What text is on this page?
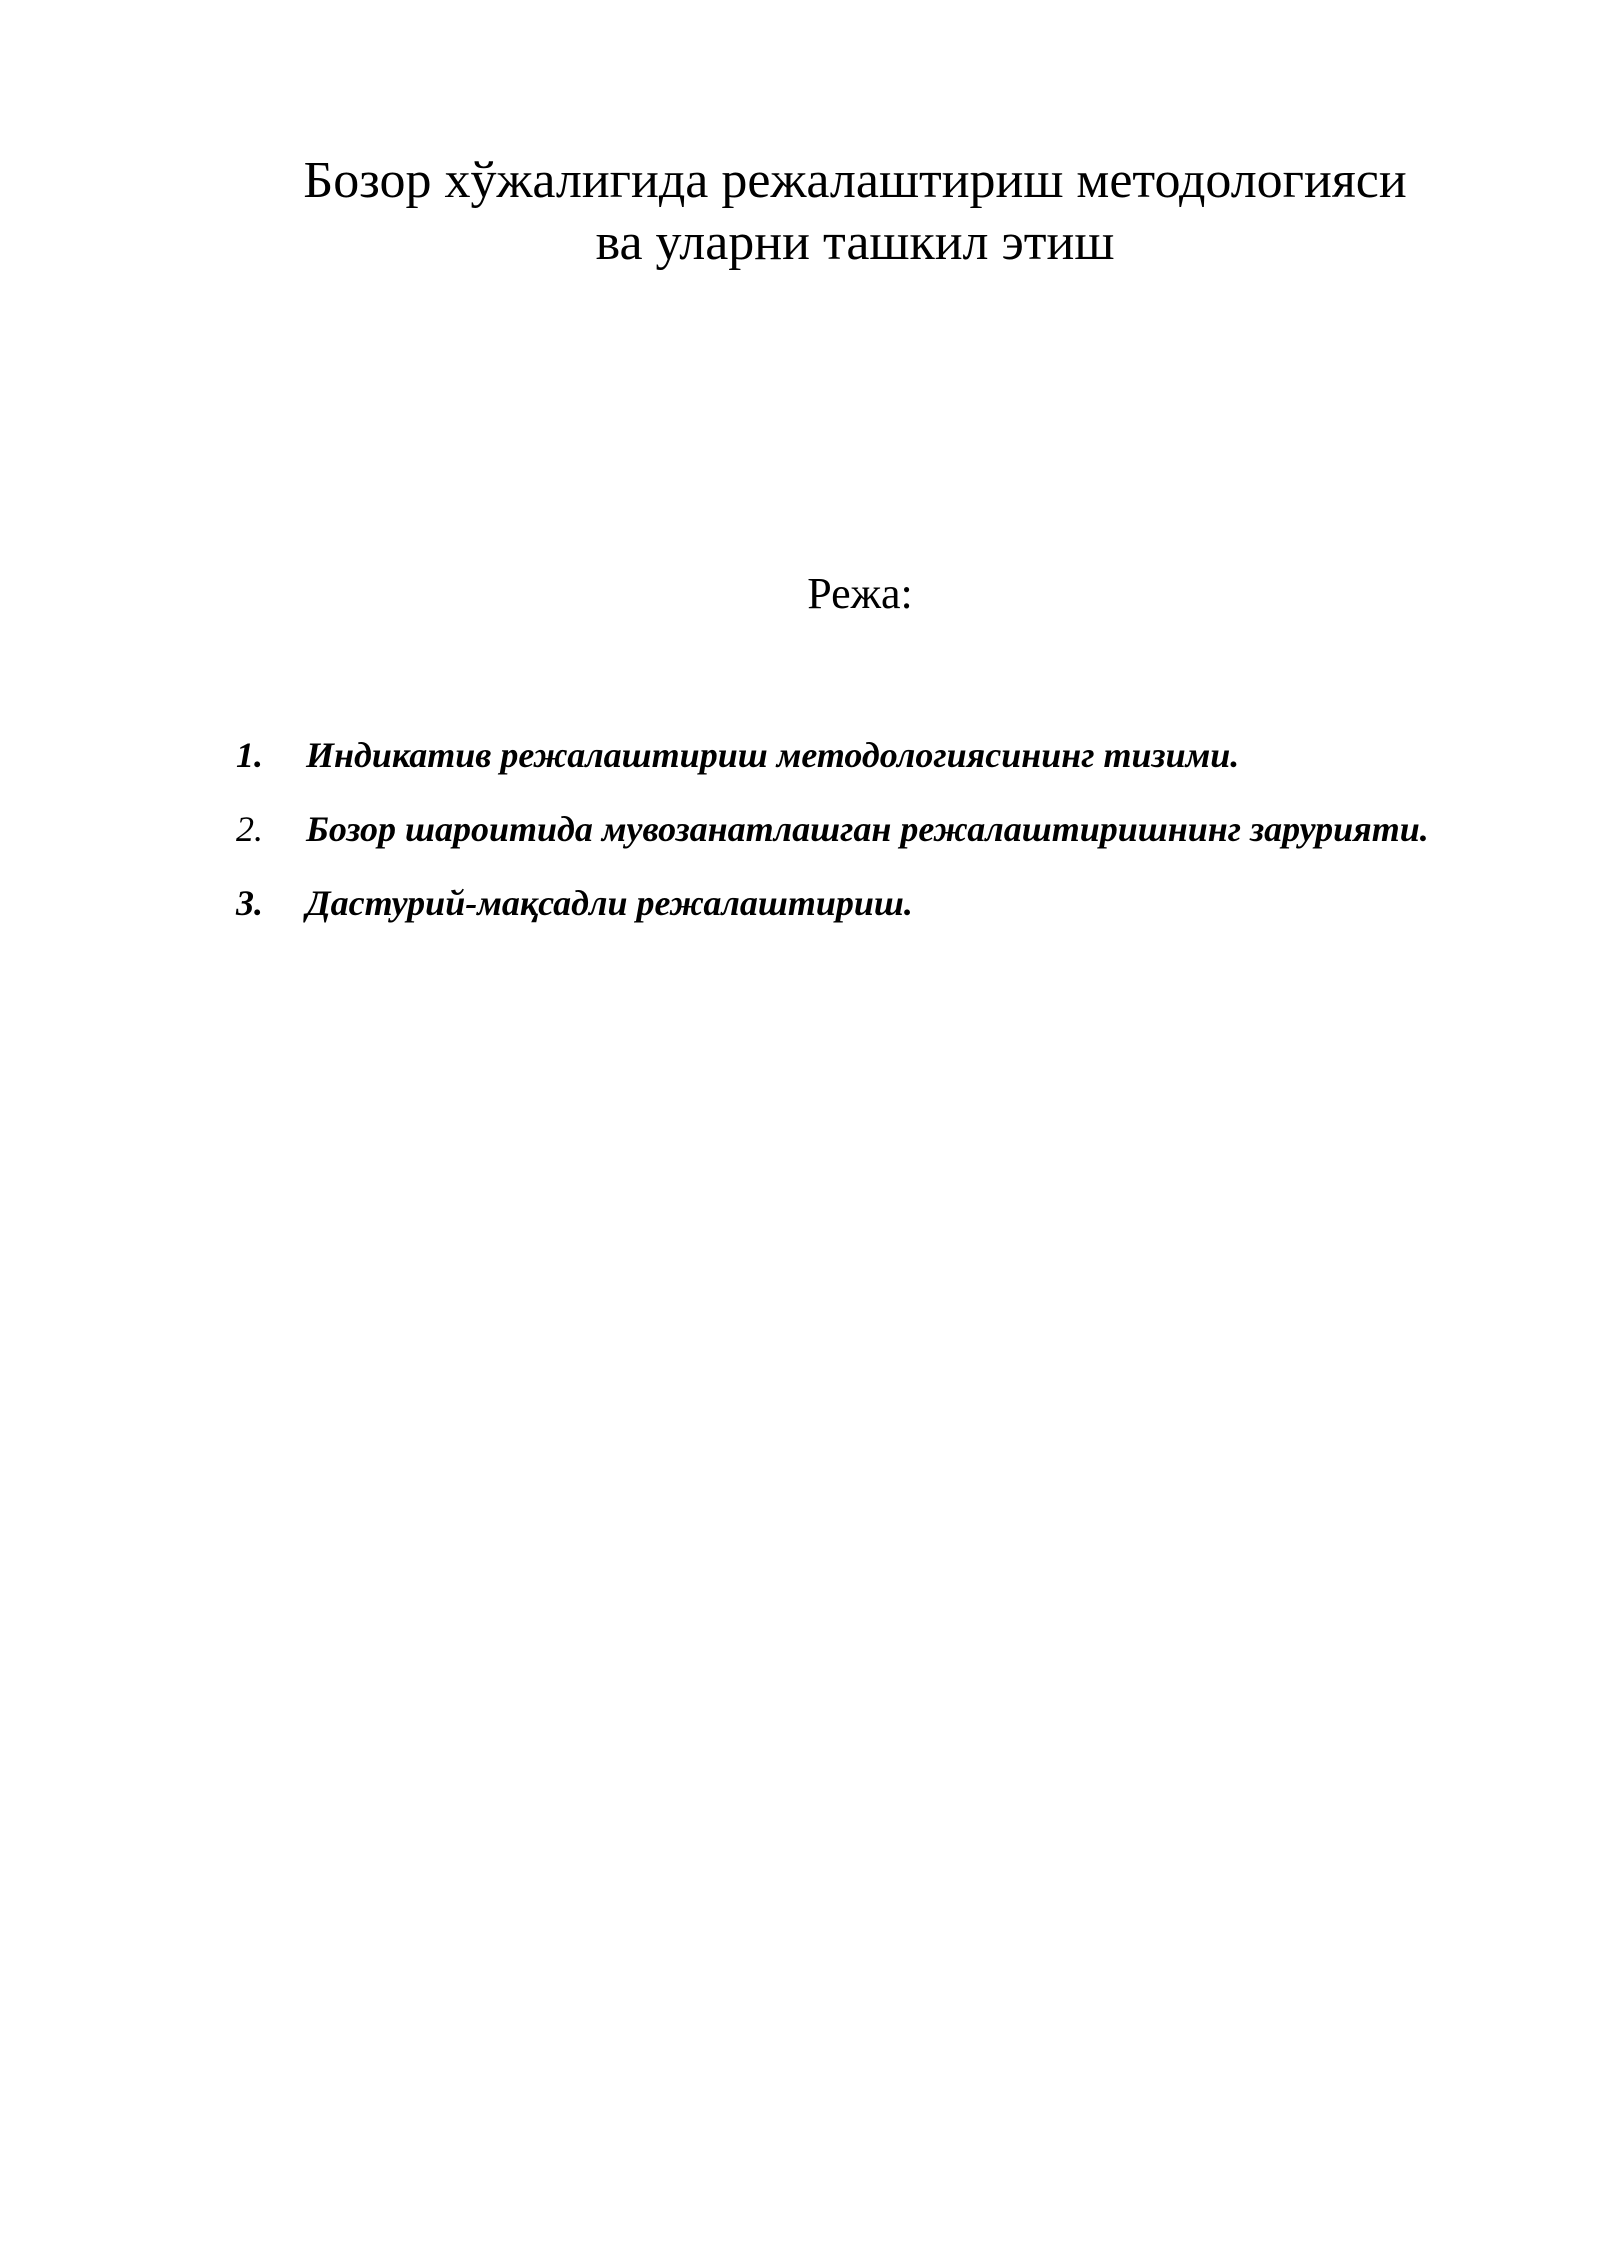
Бозор хўжалигида режалаштириш методологияси
ва уларни ташкил этиш
Режа:
1. Индикатив режалаштириш методологиясининг тизими.
2. Бозор шароитида мувозанатлашган режалаштиришнинг зарурияти.
3. Дастурий-мақсадли режалаштириш.
